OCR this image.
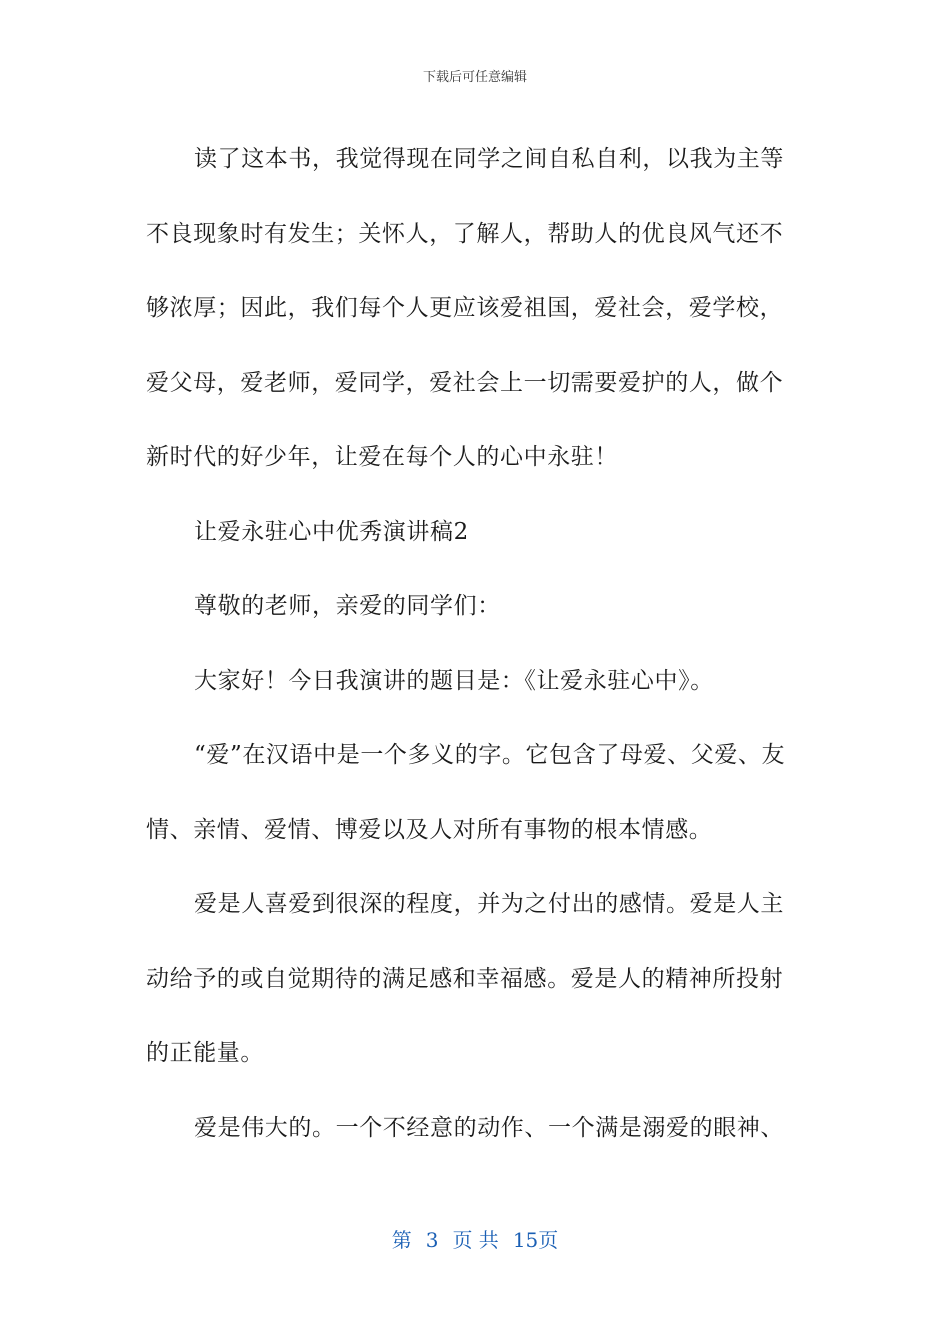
下载后可任意编辑

读了这本书，我觉得现在同学之间自私自利，以我为主等不良现象时有发生；关怀人，了解人，帮助人的优良风气还不够浓厚；因此，我们每个人更应该爱祖国，爱社会，爱学校，爱父母，爱老师，爱同学，爱社会上一切需要爱护的人，做个新时代的好少年，让爱在每个人的心中永驻！

让爱永驻心中优秀演讲稿2

尊敬的老师，亲爱的同学们：

大家好！今日我演讲的题目是：《让爱永驻心中》。

“爱”在汉语中是一个多义的字。它包含了母爱、父爱、友情、亲情、爱情、博爱以及人对所有事物的根本情感。

爱是人喜爱到很深的程度，并为之付出的感情。爱是人主动给予的或自觉期待的满足感和幸福感。爱是人的精神所投射的正能量。

爱是伟大的。一个不经意的动作、一个满是溺爱的眼神、

第 3 页 共 15页
